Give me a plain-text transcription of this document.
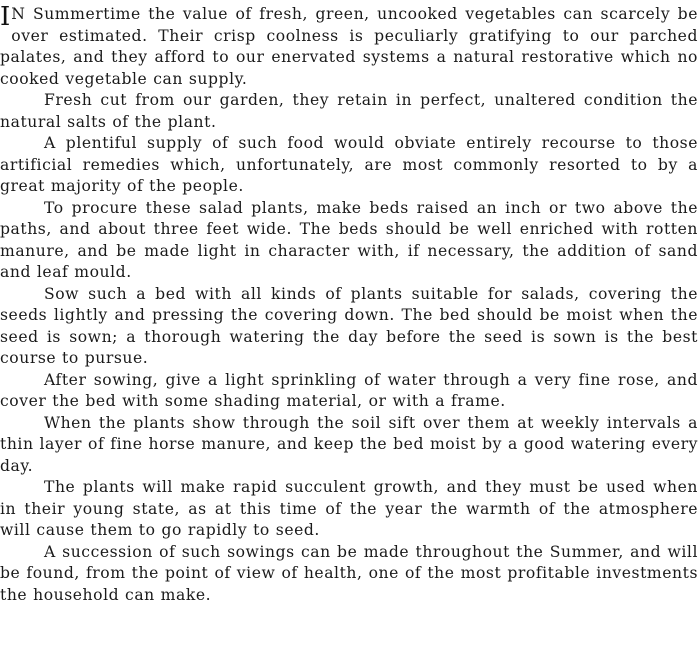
I N Summertime the value of fresh, green, uncooked vegetables can scarcely be over estimated. Their crisp coolness is peculiarly gratifying to our parched palates, and they afford to our enervated systems a natural restorative which no cooked vegetable can supply.

Fresh cut from our garden, they retain in perfect, unaltered condition the natural salts of the plant.

A plentiful supply of such food would obviate entirely recourse to those artificial remedies which, unfortunately, are most commonly resorted to by a great majority of the people.

To procure these salad plants, make beds raised an inch or two above the paths, and about three feet wide. The beds should be well enriched with rotten manure, and be made light in character with, if necessary, the addition of sand and leaf mould.

Sow such a bed with all kinds of plants suitable for salads, covering the seeds lightly and pressing the covering down. The bed should be moist when the seed is sown; a thorough watering the day before the seed is sown is the best course to pursue.

After sowing, give a light sprinkling of water through a very fine rose, and cover the bed with some shading material, or with a frame.

When the plants show through the soil sift over them at weekly intervals a thin layer of fine horse manure, and keep the bed moist by a good watering every day.

The plants will make rapid succulent growth, and they must be used when in their young state, as at this time of the year the warmth of the atmosphere will cause them to go rapidly to seed.

A succession of such sowings can be made throughout the Summer, and will be found, from the point of view of health, one of the most profitable investments the household can make.
